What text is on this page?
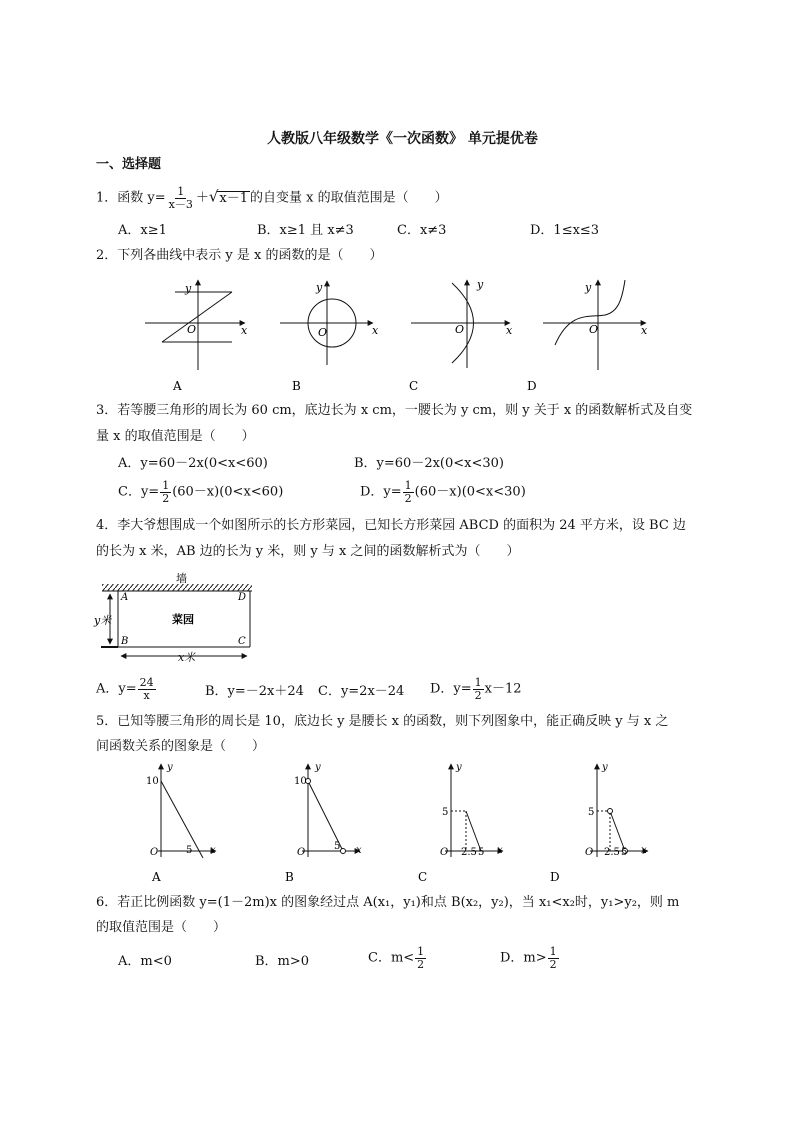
人教版八年级数学《一次函数》 单元提优卷
一、选择题
1．函数 $y= \frac{1}{x-3} +√x-1$ 的自变量 x 的取值范围是（　　）
A．x≥1	B．x≥1 且 x≠3	C．x≠3	D．1≤x≤3
2．下列各曲线中表示 y 是 x 的函数的是（　　）
y
x
O
y
x
O
y
x
O
y
x
O
A	B	C	D
墙
菜园
A
B	C
D
y米
x米
y
10
5 x
O
y
10
5 x
O
y
5
2.5 5 x
O
y
5
2.5 5 x
O
A	B	C	D
3．若等腰三角形的周长为 60 cm，底边长为 x cm，一腰长为 y cm，则 y 关于 x 的函数解析式及自变
量 x 的取值范围是（　　）
A．y=60－2x(0<x<60)	B．y=60－2x(0<x<30)
C．$y= \frac{1}{2} (60-x)(0<x<60)$	D．$y= \frac{1}{2} (60-x)(0<x<30)$
4．李大爷想围成一个如图所示的长方形菜园，已知长方形菜园 ABCD 的面积为 24 平方米，设 BC 边
的长为 x 米，AB 边的长为 y 米，则 y 与 x 之间的函数解析式为（　　）
A．$y= \frac{24}{x}$	B．y=－2x＋24 C．y=2x－24 D．$y= \frac{1}{2} x-12$
5．已知等腰三角形的周长是 10，底边长 y 是腰长 x 的函数，则下列图象中，能正确反映 y 与 x 之
间函数关系的图象是（　　）
6．若正比例函数 y=(1－2m)x 的图象经过点 A(x₁，y₁)和点 B(x₂，y₂)，当 x₁<x₂时，y₁>y₂，则 m
的取值范围是（　　）
A．m<0	B．m>0	C．$m< \frac{1}{2}$	D．$m> \frac{1}{2}$
